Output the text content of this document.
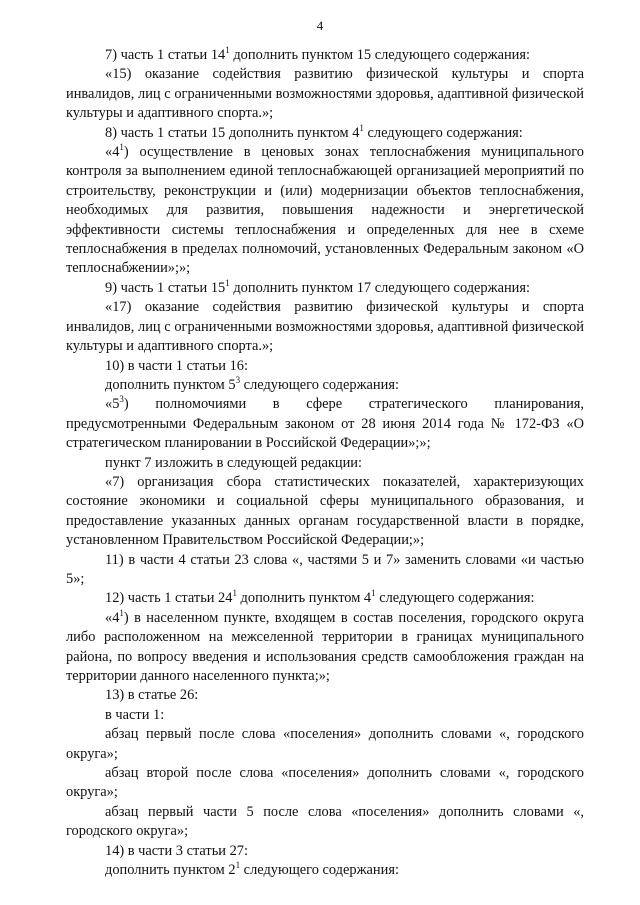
4

7) часть 1 статьи $14^1$ дополнить пунктом 15 следующего содержания:

«15) оказание содействия развитию физической культуры и спорта инвалидов, лиц с ограниченными возможностями здоровья, адаптивной физической культуры и адаптивного спорта.»;

8) часть 1 статьи 15 дополнить пунктом $4^1$ следующего содержания:

«$4^1$) осуществление в ценовых зонах теплоснабжения муниципального контроля за выполнением единой теплоснабжающей организацией мероприятий по строительству, реконструкции и (или) модернизации объектов теплоснабжения, необходимых для развития, повышения надежности и энергетической эффективности системы теплоснабжения и определенных для нее в схеме теплоснабжения в пределах полномочий, установленных Федеральным законом «О теплоснабжении»;»;

9) часть 1 статьи $15^1$ дополнить пунктом 17 следующего содержания:

«17) оказание содействия развитию физической культуры и спорта инвалидов, лиц с ограниченными возможностями здоровья, адаптивной физической культуры и адаптивного спорта.»;

10) в части 1 статьи 16:

дополнить пунктом $5^3$ следующего содержания:

«$5^3$) полномочиями в сфере стратегического планирования, предусмотренными Федеральным законом от 28 июня 2014 года № 172-ФЗ «О стратегическом планировании в Российской Федерации»;»;

пункт 7 изложить в следующей редакции:

«7) организация сбора статистических показателей, характеризующих состояние экономики и социальной сферы муниципального образования, и предоставление указанных данных органам государственной власти в порядке, установленном Правительством Российской Федерации;»;

11) в части 4 статьи 23 слова «, частями 5 и 7» заменить словами «и частью 5»;

12) часть 1 статьи $24^1$ дополнить пунктом $4^1$ следующего содержания:

«$4^1$) в населенном пункте, входящем в состав поселения, городского округа либо расположенном на межселенной территории в границах муниципального района, по вопросу введения и использования средств самообложения граждан на территории данного населенного пункта;»;

13) в статье 26:

в части 1:

абзац первый после слова «поселения» дополнить словами «, городского округа»;

абзац второй после слова «поселения» дополнить словами «, городского округа»;

абзац первый части 5 после слова «поселения» дополнить словами «, городского округа»;

14) в части 3 статьи 27:

дополнить пунктом $2^1$ следующего содержания:
